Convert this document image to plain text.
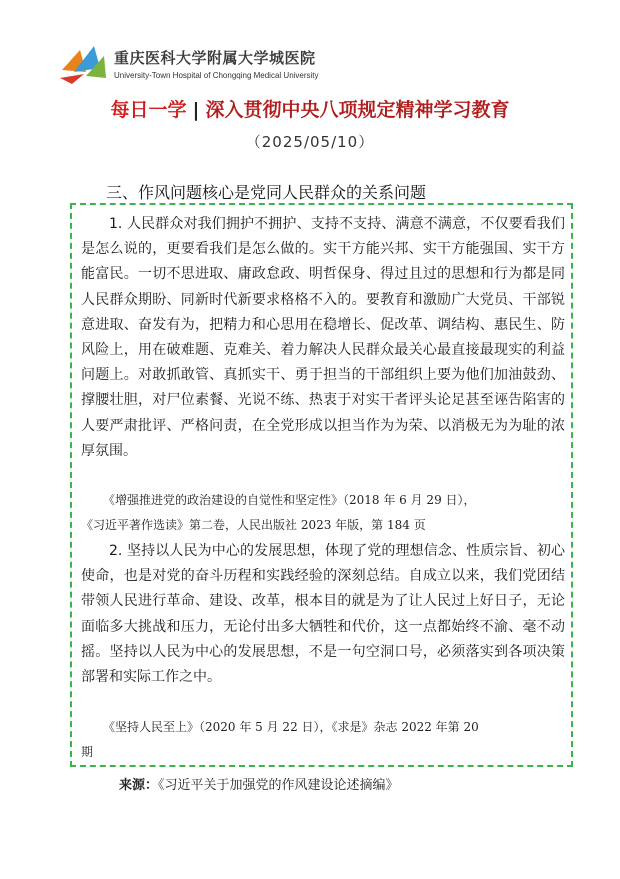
重庆医科大学附属大学城医院
University-Town Hospital of Chongqing Medical University
每日一学 | 深入贯彻中央八项规定精神学习教育
（2025/05/10）
三、作风问题核心是党同人民群众的关系问题

1. 人民群众对我们拥护不拥护、支持不支持、满意不满意，不仅要看我们是怎么说的，更要看我们是怎么做的。实干方能兴邦、实干方能强国、实干方能富民。一切不思进取、庸政怠政、明哲保身、得过且过的思想和行为都是同人民群众期盼、同新时代新要求格格不入的。要教育和激励广大党员、干部锐意进取、奋发有为，把精力和心思用在稳增长、促改革、调结构、惠民生、防风险上，用在破难题、克难关、着力解决人民群众最关心最直接最现实的利益问题上。对敢抓敢管、真抓实干、勇于担当的干部组织上要为他们加油鼓劲、撑腰壮胆，对尸位素餐、光说不练、热衷于对实干者评头论足甚至诬告陷害的人要严肃批评、严格问责，在全党形成以担当作为为荣、以消极无为为耻的浓厚氛围。

《增强推进党的政治建设的自觉性和坚定性》（2018 年 6 月 29 日），
《习近平著作选读》第二卷，人民出版社 2023 年版，第 184 页

2. 坚持以人民为中心的发展思想，体现了党的理想信念、性质宗旨、初心使命，也是对党的奋斗历程和实践经验的深刻总结。自成立以来，我们党团结带领人民进行革命、建设、改革，根本目的就是为了让人民过上好日子，无论面临多大挑战和压力，无论付出多大牺牲和代价，这一点都始终不渝、毫不动摇。坚持以人民为中心的发展思想，不是一句空洞口号，必须落实到各项决策部署和实际工作之中。

《坚持人民至上》（2020 年 5 月 22 日），《求是》杂志 2022 年第 20
期

来源：《习近平关于加强党的作风建设论述摘编》
